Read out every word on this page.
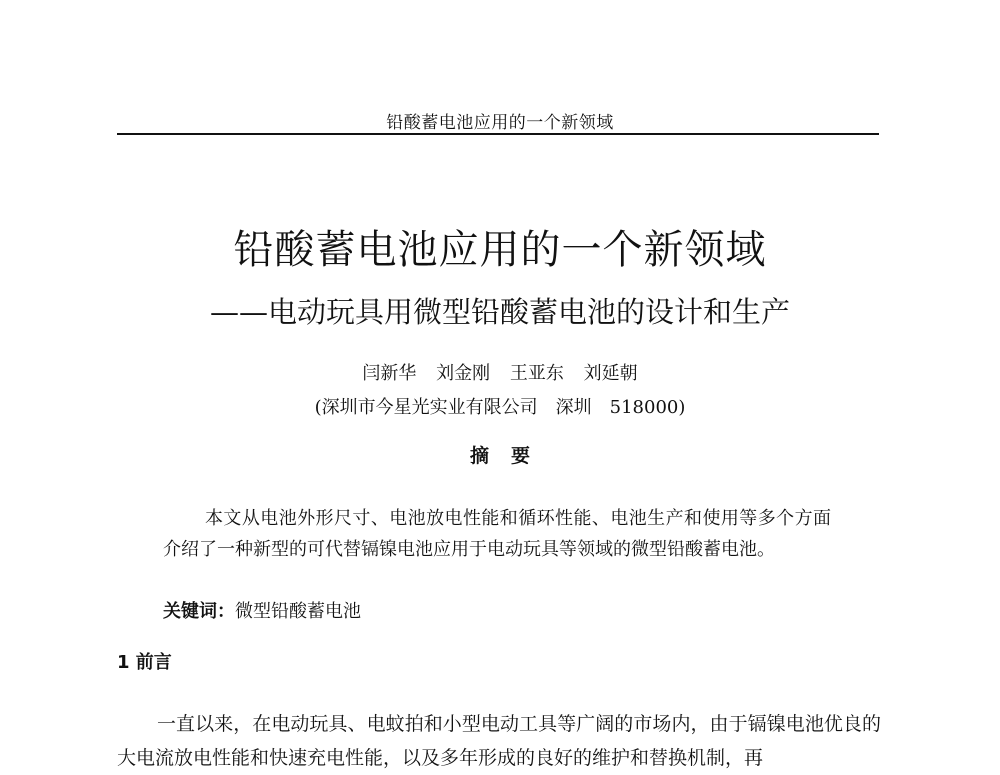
铅酸蓄电池应用的一个新领域
铅酸蓄电池应用的一个新领域
——电动玩具用微型铅酸蓄电池的设计和生产
闫新华 刘金刚 王亚东 刘延朝
(深圳市今星光实业有限公司 深圳 518000)
摘要
本文从电池外形尺寸、电池放电性能和循环性能、电池生产和使用等多个方面介绍了一种新型的可代替镉镍电池应用于电动玩具等领域的微型铅酸蓄电池。
关键词：微型铅酸蓄电池
1 前言
一直以来，在电动玩具、电蚊拍和小型电动工具等广阔的市场内，由于镉镍电池优良的大电流放电性能和快速充电性能，以及多年形成的良好的维护和替换机制，再
